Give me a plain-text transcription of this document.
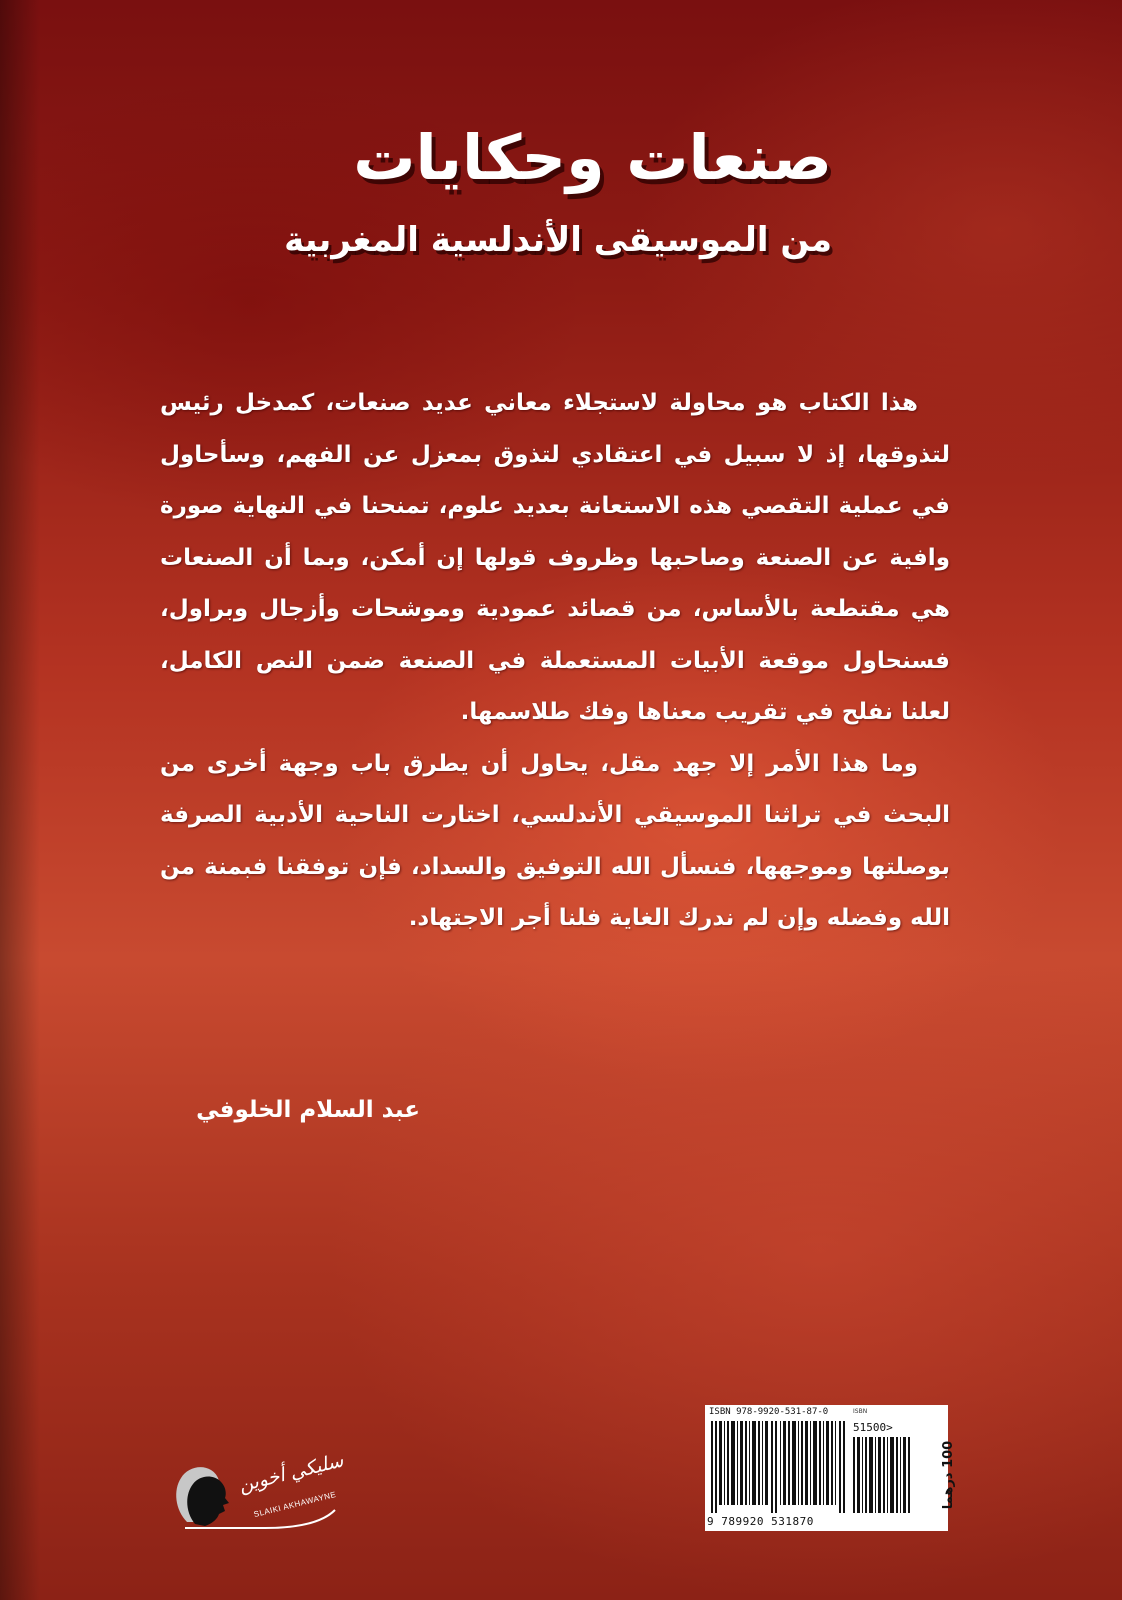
صنعات وحكايات
من الموسيقى الأندلسية المغربية

هذا الكتاب هو محاولة لاستجلاء معاني عديد صنعات، كمدخل رئيس لتذوقها، إذ لا سبيل في اعتقادي لتذوق بمعزل عن الفهم، وسأحاول في عملية التقصي هذه الاستعانة بعديد علوم، تمنحنا في النهاية صورة وافية عن الصنعة وصاحبها وظروف قولها إن أمكن، وبما أن الصنعات هي مقتطعة بالأساس، من قصائد عمودية وموشحات وأزجال وبراول، فسنحاول موقعة الأبيات المستعملة في الصنعة ضمن النص الكامل، لعلنا نفلح في تقريب معناها وفك طلاسمها.

وما هذا الأمر إلا جهد مقل، يحاول أن يطرق باب وجهة أخرى من البحث في تراثنا الموسيقي الأندلسي، اختارت الناحية الأدبية الصرفة بوصلتها وموجهها، فنسأل الله التوفيق والسداد، فإن توفقنا فبمنة من الله وفضله وإن لم ندرك الغاية فلنا أجر الاجتهاد.

عبد السلام الخلوفي
سليكي أخوين
SLAIKI AKHAWAYNE
ISBN 978-9920-531-87-0	ISBN
51500>
9 789920 531870
100 درهما
